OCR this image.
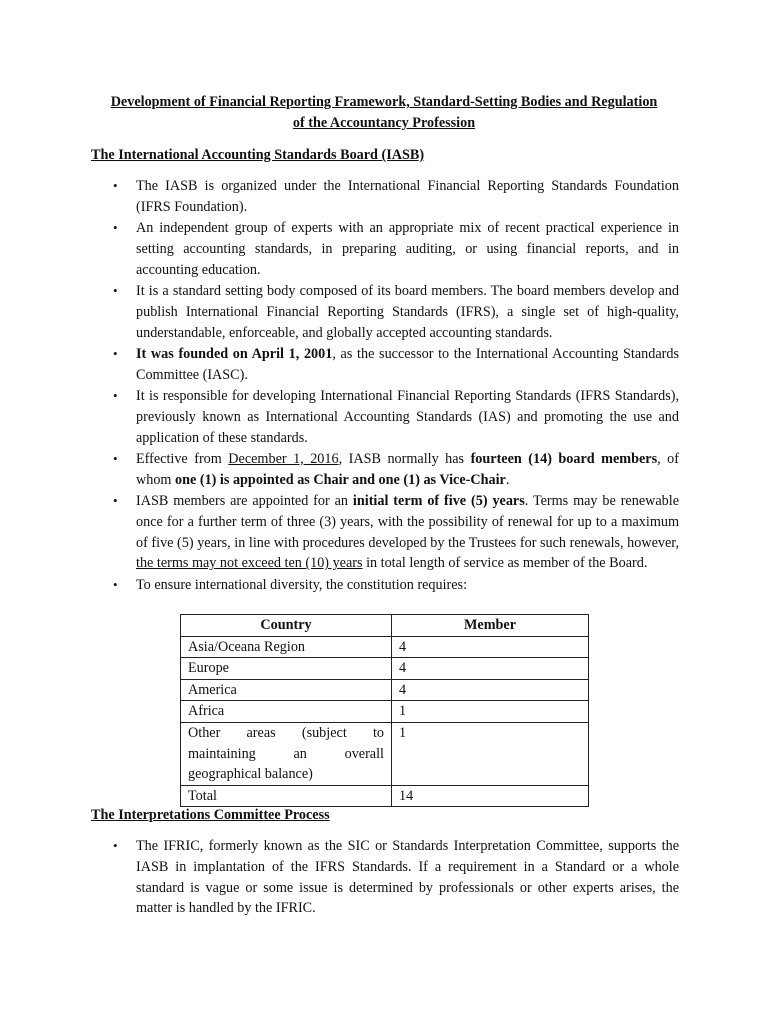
Development of Financial Reporting Framework, Standard-Setting Bodies and Regulation
of the Accountancy Profession
The International Accounting Standards Board (IASB)
• The IASB is organized under the International Financial Reporting Standards Foundation (IFRS Foundation).
• An independent group of experts with an appropriate mix of recent practical experience in setting accounting standards, in preparing auditing, or using financial reports, and in accounting education.
• It is a standard setting body composed of its board members. The board members develop and publish International Financial Reporting Standards (IFRS), a single set of high-quality, understandable, enforceable, and globally accepted accounting standards.
• It was founded on April 1, 2001, as the successor to the International Accounting Standards Committee (IASC).
• It is responsible for developing International Financial Reporting Standards (IFRS Standards), previously known as International Accounting Standards (IAS) and promoting the use and application of these standards.
• Effective from December 1, 2016, IASB normally has fourteen (14) board members, of whom one (1) is appointed as Chair and one (1) as Vice-Chair.
• IASB members are appointed for an initial term of five (5) years. Terms may be renewable once for a further term of three (3) years, with the possibility of renewal for up to a maximum of five (5) years, in line with procedures developed by the Trustees for such renewals, however, the terms may not exceed ten (10) years in total length of service as member of the Board.
• To ensure international diversity, the constitution requires:
Country	Member
Asia/Oceana Region	4
Europe	4
America	4
Africa	1
Other areas (subject to maintaining an overall geographical balance)	1
Total	14
The Interpretations Committee Process
• The IFRIC, formerly known as the SIC or Standards Interpretation Committee, supports the IASB in implantation of the IFRS Standards. If a requirement in a Standard or a whole standard is vague or some issue is determined by professionals or other experts arises, the matter is handled by the IFRIC.
